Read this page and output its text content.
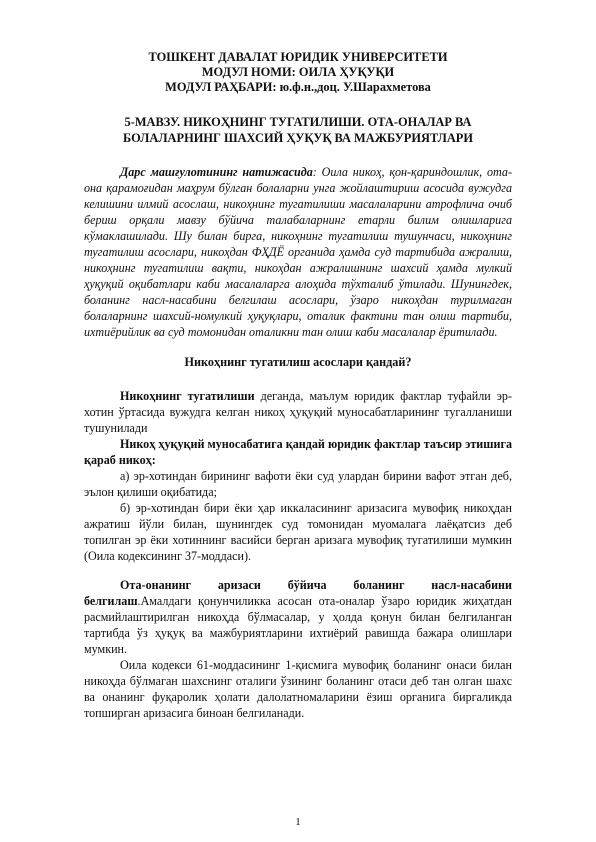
ТОШКЕНТ ДАВАЛАТ ЮРИДИК УНИВЕРСИТЕТИ
МОДУЛ НОМИ: ОИЛА ҲУҚУҚИ
МОДУЛ РАҲБАРИ: ю.ф.н.,доц. У.Шарахметова
5-МАВЗУ. НИКОҲНИНГ ТУГАТИЛИШИ. ОТА-ОНАЛАР ВА
БОЛАЛАРНИНГ ШАХСИЙ ҲУҚУҚ ВА МАЖБУРИЯТЛАРИ

Дарс машғулотининг натижасида: Оила никоҳ, қон-қариндошлик, ота-она қарамоғидан маҳрум бўлган болаларни унга жойлаштириш асосида вужудга келишини илмий асослаш, никоҳнинг тугатилиши масалаларини атрофлича очиб бериш орқали мавзу бўйича талабаларнинг етарли билим олишларига кўмаклашилади. Шу билан бирга, никоҳнинг тугатилиш тушунчаси, никоҳнинг тугатилиш асослари, никоҳдан ФҲДЁ органида ҳамда суд тартибида ажралиш, никоҳнинг тугатилиш вақти, никоҳдан ажралишнинг шахсий ҳамда мулкий ҳуқуқий оқибатлари каби масалаларга алоҳида тўхталиб ўтилади. Шунингдек, боланинг насл-насабини белгилаш асослари, ўзаро никоҳдан турилмаган болаларнинг шахсий-номулкий ҳуқуқлари, оталик фактини тан олиш тартиби, ихтиёрийлик ва суд томонидан оталикни тан олиш каби масалалар ёритилади.

Никоҳнинг тугатилиш асослари қандай?

Никоҳнинг тугатилиши деганда, маълум юридик фактлар туфайли эр-хотин ўртасида вужудга келган никоҳ ҳуқуқий муносабатларининг тугалланиши тушунилади

Никоҳ ҳуқуқий муносабатига қандай юридик фактлар таъсир этишига қараб никоҳ:

а) эр-хотиндан бирининг вафоти ёки суд улардан бирини вафот этган деб, эълон қилиши оқибатида;

б) эр-хотиндан бири ёки ҳар иккаласининг аризасига мувофиқ никоҳдан ажратиш йўли билан, шунингдек суд томонидан муомалага лаёқатсиз деб топилган эр ёки хотиннинг васийси берган аризага мувофиқ тугатилиши мумкин (Оила кодексининг 37-моддаси).

Ота-онанинг аризаси бўйича боланинг насл-насабини белгилаш.Амалдаги қонунчиликка асосан ота-оналар ўзаро юридик жиҳатдан расмийлаштирилган никоҳда бўлмасалар, у ҳолда қонун билан белгиланган тартибда ўз ҳуқуқ ва мажбуриятларини ихтиёрий равишда бажара олишлари мумкин.

Оила кодекси 61-моддасининг 1-қисмига мувофиқ боланинг онаси билан никоҳда бўлмаган шахснинг оталиги ўзининг боланинг отаси деб тан олган шахс ва онанинг фуқаролик ҳолати далолатномаларини ёзиш органига биргаликда топширган аризасига биноан белгиланади.

1
